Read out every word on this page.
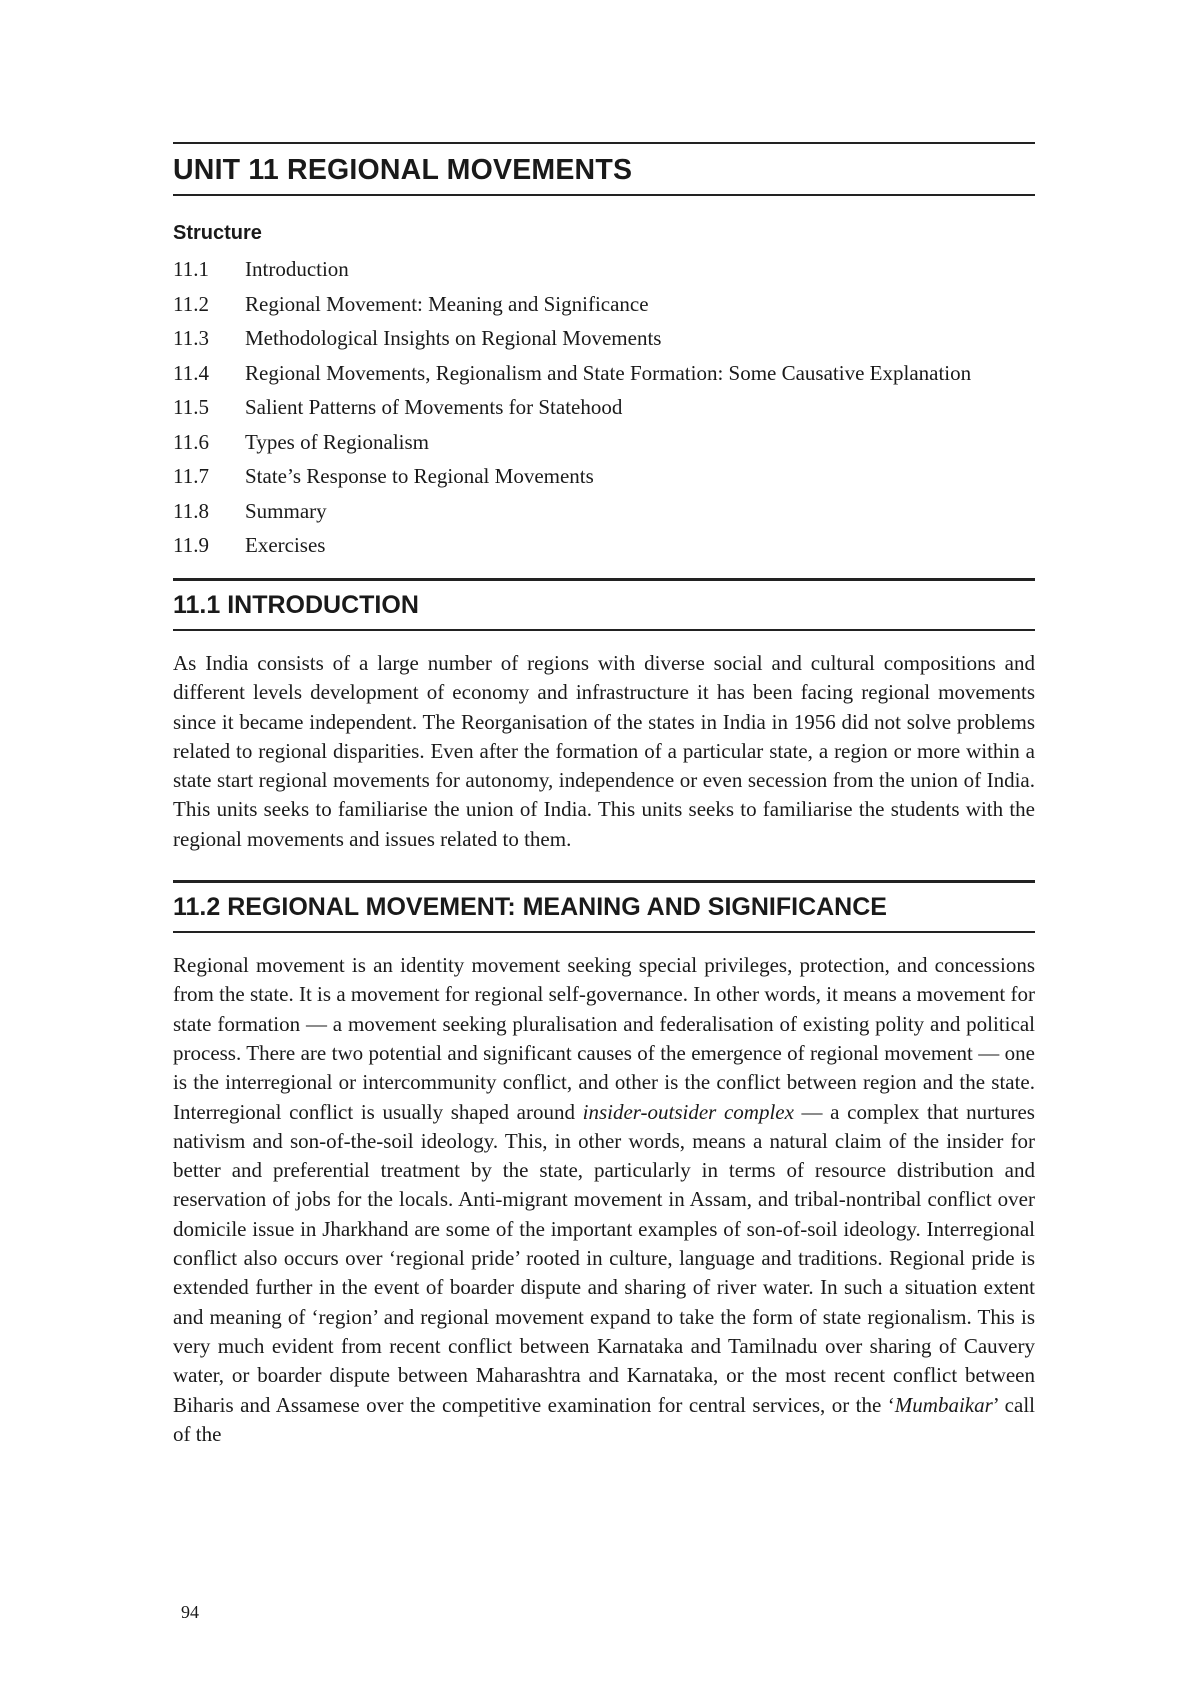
UNIT 11 REGIONAL MOVEMENTS
Structure
11.1	Introduction
11.2	Regional Movement: Meaning and Significance
11.3	Methodological Insights on Regional Movements
11.4	Regional Movements, Regionalism and State Formation: Some Causative Explanation
11.5	Salient Patterns of Movements for Statehood
11.6	Types of Regionalism
11.7	State’s Response to Regional Movements
11.8	Summary
11.9	Exercises
11.1 INTRODUCTION

As India consists of a large number of regions with diverse social and cultural compositions and different levels development of economy and infrastructure it has been facing regional movements since it became independent. The Reorganisation of the states in India in 1956 did not solve problems related to regional disparities. Even after the formation of a particular state, a region or more within a state start regional movements for autonomy, independence or even secession from the union of India. This units seeks to familiarise the union of India. This units seeks to familiarise the students with the regional movements and issues related to them.

11.2 REGIONAL MOVEMENT: MEANING AND SIGNIFICANCE

Regional movement is an identity movement seeking special privileges, protection, and concessions from the state. It is a movement for regional self-governance. In other words, it means a movement for state formation — a movement seeking pluralisation and federalisation of existing polity and political process. There are two potential and significant causes of the emergence of regional movement — one is the interregional or intercommunity conflict, and other is the conflict between region and the state. Interregional conflict is usually shaped around insider-outsider complex — a complex that nurtures nativism and son-of-the-soil ideology. This, in other words, means a natural claim of the insider for better and preferential treatment by the state, particularly in terms of resource distribution and reservation of jobs for the locals. Anti-migrant movement in Assam, and tribal-nontribal conflict over domicile issue in Jharkhand are some of the important examples of son-of-soil ideology. Interregional conflict also occurs over ‘regional pride’ rooted in culture, language and traditions. Regional pride is extended further in the event of boarder dispute and sharing of river water. In such a situation extent and meaning of ‘region’ and regional movement expand to take the form of state regionalism. This is very much evident from recent conflict between Karnataka and Tamilnadu over sharing of Cauvery water, or boarder dispute between Maharashtra and Karnataka, or the most recent conflict between Biharis and Assamese over the competitive examination for central services, or the ‘Mumbaikar’ call of the

94
